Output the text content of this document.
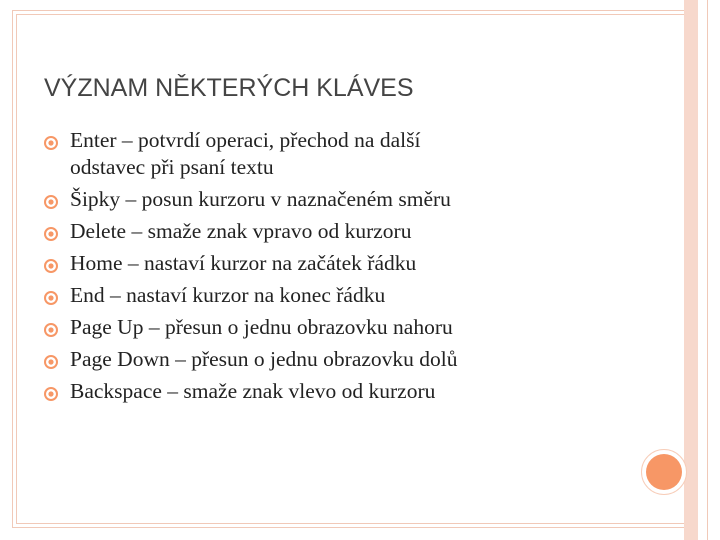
VÝZNAM NĚKTERÝCH KLÁVES
Enter – potvrdí operaci, přechod na další
odstavec při psaní textu
Šipky – posun kurzoru v naznačeném směru
Delete – smaže znak vpravo od kurzoru
Home – nastaví kurzor na začátek řádku
End – nastaví kurzor na konec řádku
Page Up – přesun o jednu obrazovku nahoru
Page Down – přesun o jednu obrazovku dolů
Backspace – smaže znak vlevo od kurzoru
